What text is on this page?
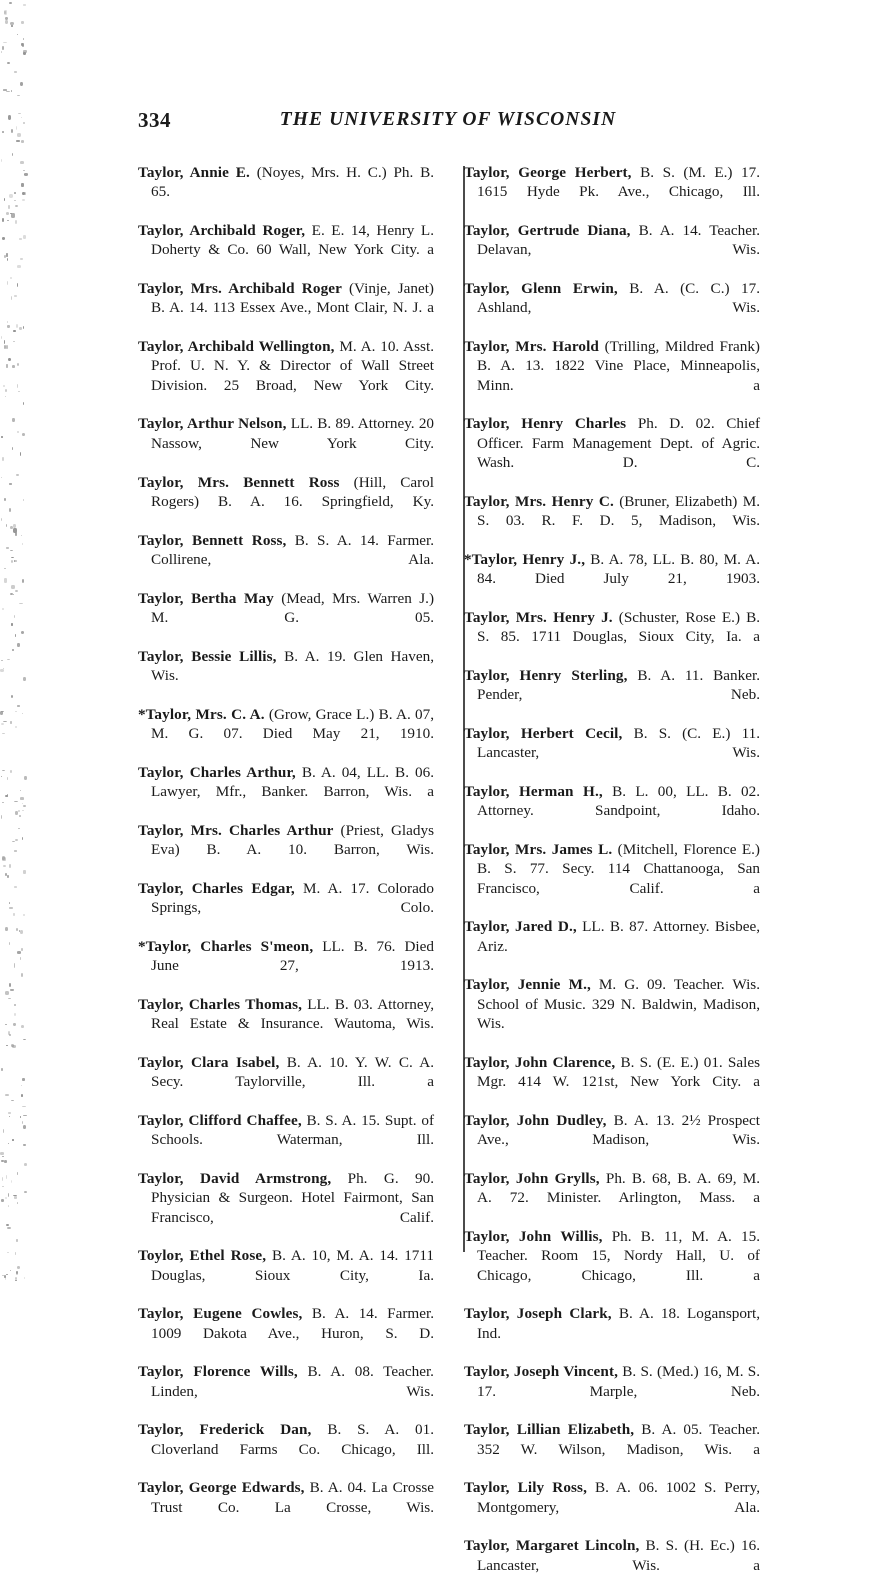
334	THE UNIVERSITY OF WISCONSIN

Taylor, Annie E. (Noyes, Mrs. H. C.) Ph. B. 65.

Taylor, Archibald Roger, E. E. 14, Henry L. Doherty & Co. 60 Wall, New York City. a

Taylor, Mrs. Archibald Roger (Vinje, Janet) B. A. 14. 113 Essex Ave., Mont Clair, N. J. a

Taylor, Archibald Wellington, M. A. 10. Asst. Prof. U. N. Y. & Director of Wall Street Division. 25 Broad, New York City.

Taylor, Arthur Nelson, LL. B. 89. Attorney. 20 Nassow, New York City.

Taylor, Mrs. Bennett Ross (Hill, Carol Rogers) B. A. 16. Springfield, Ky.

Taylor, Bennett Ross, B. S. A. 14. Farmer. Collirene, Ala.

Taylor, Bertha May (Mead, Mrs. Warren J.) M. G. 05.

Taylor, Bessie Lillis, B. A. 19. Glen Haven, Wis.

*Taylor, Mrs. C. A. (Grow, Grace L.) B. A. 07, M. G. 07. Died May 21, 1910.

Taylor, Charles Arthur, B. A. 04, LL. B. 06. Lawyer, Mfr., Banker. Barron, Wis. a

Taylor, Mrs. Charles Arthur (Priest, Gladys Eva) B. A. 10. Barron, Wis.

Taylor, Charles Edgar, M. A. 17. Colorado Springs, Colo.

*Taylor, Charles S'meon, LL. B. 76. Died June 27, 1913.

Taylor, Charles Thomas, LL. B. 03. Attorney, Real Estate & Insurance. Wautoma, Wis.

Taylor, Clara Isabel, B. A. 10. Y. W. C. A. Secy. Taylorville, Ill. a

Taylor, Clifford Chaffee, B. S. A. 15. Supt. of Schools. Waterman, Ill.

Taylor, David Armstrong, Ph. G. 90. Physician & Surgeon. Hotel Fairmont, San Francisco, Calif.

Toylor, Ethel Rose, B. A. 10, M. A. 14. 1711 Douglas, Sioux City, Ia.

Taylor, Eugene Cowles, B. A. 14. Farmer. 1009 Dakota Ave., Huron, S. D.

Taylor, Florence Wills, B. A. 08. Teacher. Linden, Wis.

Taylor, Frederick Dan, B. S. A. 01. Cloverland Farms Co. Chicago, Ill.

Taylor, George Edwards, B. A. 04. La Crosse Trust Co. La Crosse, Wis.

Taylor, George Herbert, B. S. (M. E.) 17. 1615 Hyde Pk. Ave., Chicago, Ill.

Taylor, Gertrude Diana, B. A. 14. Teacher. Delavan, Wis.

Taylor, Glenn Erwin, B. A. (C. C.) 17. Ashland, Wis.

Taylor, Mrs. Harold (Trilling, Mildred Frank) B. A. 13. 1822 Vine Place, Minneapolis, Minn. a

Taylor, Henry Charles Ph. D. 02. Chief Officer. Farm Management Dept. of Agric. Wash. D. C.

Taylor, Mrs. Henry C. (Bruner, Elizabeth) M. S. 03. R. F. D. 5, Madison, Wis.

*Taylor, Henry J., B. A. 78, LL. B. 80, M. A. 84. Died July 21, 1903.

Taylor, Mrs. Henry J. (Schuster, Rose E.) B. S. 85. 1711 Douglas, Sioux City, Ia. a

Taylor, Henry Sterling, B. A. 11. Banker. Pender, Neb.

Taylor, Herbert Cecil, B. S. (C. E.) 11. Lancaster, Wis.

Taylor, Herman H., B. L. 00, LL. B. 02. Attorney. Sandpoint, Idaho.

Taylor, Mrs. James L. (Mitchell, Florence E.) B. S. 77. Secy. 114 Chattanooga, San Francisco, Calif. a

Taylor, Jared D., LL. B. 87. Attorney. Bisbee, Ariz.

Taylor, Jennie M., M. G. 09. Teacher. Wis. School of Music. 329 N. Baldwin, Madison, Wis.

Taylor, John Clarence, B. S. (E. E.) 01. Sales Mgr. 414 W. 121st, New York City. a

Taylor, John Dudley, B. A. 13. 2½ Prospect Ave., Madison, Wis.

Taylor, John Grylls, Ph. B. 68, B. A. 69, M. A. 72. Minister. Arlington, Mass. a

Taylor, John Willis, Ph. B. 11, M. A. 15. Teacher. Room 15, Nordy Hall, U. of Chicago, Chicago, Ill. a

Taylor, Joseph Clark, B. A. 18. Logansport, Ind.

Taylor, Joseph Vincent, B. S. (Med.) 16, M. S. 17. Marple, Neb.

Taylor, Lillian Elizabeth, B. A. 05. Teacher. 352 W. Wilson, Madison, Wis. a

Taylor, Lily Ross, B. A. 06. 1002 S. Perry, Montgomery, Ala.

Taylor, Margaret Lincoln, B. S. (H. Ec.) 16. Lancaster, Wis. a
